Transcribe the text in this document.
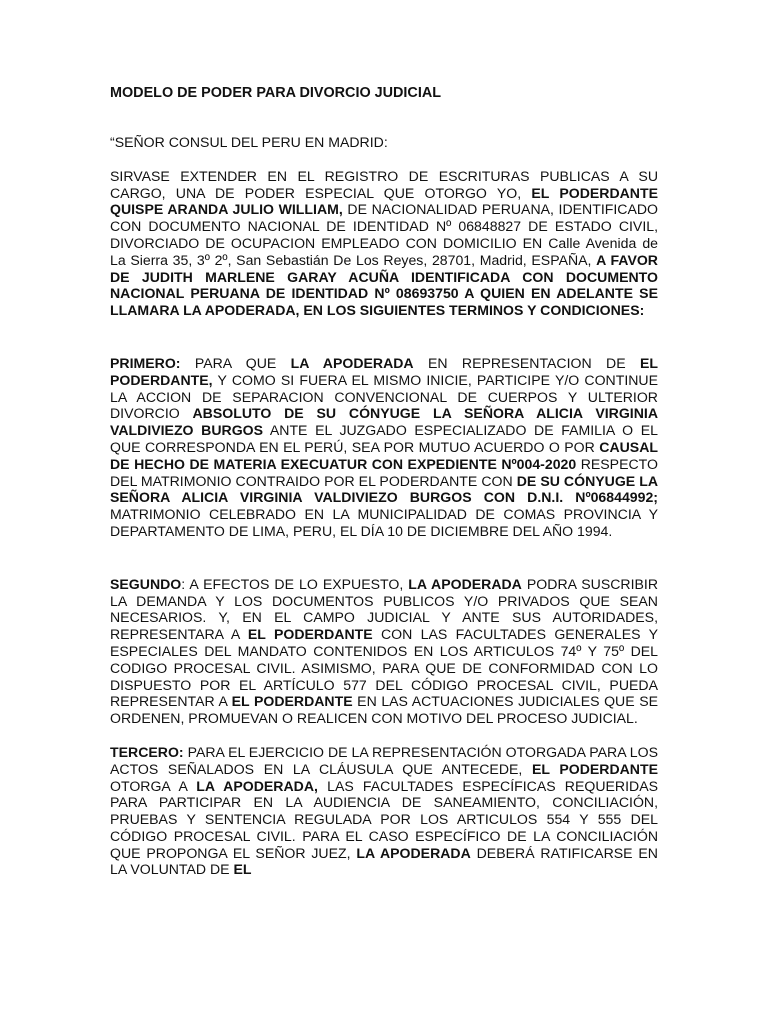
MODELO DE PODER PARA DIVORCIO JUDICIAL

“SEÑOR CONSUL DEL PERU EN MADRID:

SIRVASE EXTENDER EN EL REGISTRO DE ESCRITURAS PUBLICAS A SU CARGO, UNA DE PODER ESPECIAL QUE OTORGO YO, EL PODERDANTE QUISPE ARANDA JULIO WILLIAM, DE NACIONALIDAD PERUANA, IDENTIFICADO CON DOCUMENTO NACIONAL DE IDENTIDAD Nº 06848827 DE ESTADO CIVIL, DIVORCIADO DE OCUPACION EMPLEADO CON DOMICILIO EN Calle Avenida de La Sierra 35, 3º 2º, San Sebastián De Los Reyes, 28701, Madrid, ESPAÑA, A FAVOR DE JUDITH MARLENE GARAY ACUÑA IDENTIFICADA CON DOCUMENTO NACIONAL PERUANA DE IDENTIDAD Nº 08693750 A QUIEN EN ADELANTE SE LLAMARA LA APODERADA, EN LOS SIGUIENTES TERMINOS Y CONDICIONES:

PRIMERO: PARA QUE LA APODERADA EN REPRESENTACION DE EL PODERDANTE, Y COMO SI FUERA EL MISMO INICIE, PARTICIPE Y/O CONTINUE LA ACCION DE SEPARACION CONVENCIONAL DE CUERPOS Y ULTERIOR DIVORCIO ABSOLUTO DE SU CÓNYUGE LA SEÑORA ALICIA VIRGINIA VALDIVIEZO BURGOS ANTE EL JUZGADO ESPECIALIZADO DE FAMILIA O EL QUE CORRESPONDA EN EL PERÚ, SEA POR MUTUO ACUERDO O POR CAUSAL DE HECHO DE MATERIA EXECUATUR CON EXPEDIENTE Nº004-2020 RESPECTO DEL MATRIMONIO CONTRAIDO POR EL PODERDANTE CON DE SU CÓNYUGE LA SEÑORA ALICIA VIRGINIA VALDIVIEZO BURGOS CON D.N.I. Nº06844992; MATRIMONIO CELEBRADO EN LA MUNICIPALIDAD DE COMAS PROVINCIA Y DEPARTAMENTO DE LIMA, PERU, EL DÍA 10 DE DICIEMBRE DEL AÑO 1994.

SEGUNDO: A EFECTOS DE LO EXPUESTO, LA APODERADA PODRA SUSCRIBIR LA DEMANDA Y LOS DOCUMENTOS PUBLICOS Y/O PRIVADOS QUE SEAN NECESARIOS. Y, EN EL CAMPO JUDICIAL Y ANTE SUS AUTORIDADES, REPRESENTARA A EL PODERDANTE CON LAS FACULTADES GENERALES Y ESPECIALES DEL MANDATO CONTENIDOS EN LOS ARTICULOS 74º Y 75º DEL CODIGO PROCESAL CIVIL. ASIMISMO, PARA QUE DE CONFORMIDAD CON LO DISPUESTO POR EL ARTÍCULO 577 DEL CÓDIGO PROCESAL CIVIL, PUEDA REPRESENTAR A EL PODERDANTE EN LAS ACTUACIONES JUDICIALES QUE SE ORDENEN, PROMUEVAN O REALICEN CON MOTIVO DEL PROCESO JUDICIAL.

TERCERO: PARA EL EJERCICIO DE LA REPRESENTACIÓN OTORGADA PARA LOS ACTOS SEÑALADOS EN LA CLÁUSULA QUE ANTECEDE, EL PODERDANTE OTORGA A LA APODERADA, LAS FACULTADES ESPECÍFICAS REQUERIDAS PARA PARTICIPAR EN LA AUDIENCIA DE SANEAMIENTO, CONCILIACIÓN, PRUEBAS Y SENTENCIA REGULADA POR LOS ARTICULOS 554 Y 555 DEL CÓDIGO PROCESAL CIVIL. PARA EL CASO ESPECÍFICO DE LA CONCILIACIÓN QUE PROPONGA EL SEÑOR JUEZ, LA APODERADA DEBERÁ RATIFICARSE EN LA VOLUNTAD DE EL
